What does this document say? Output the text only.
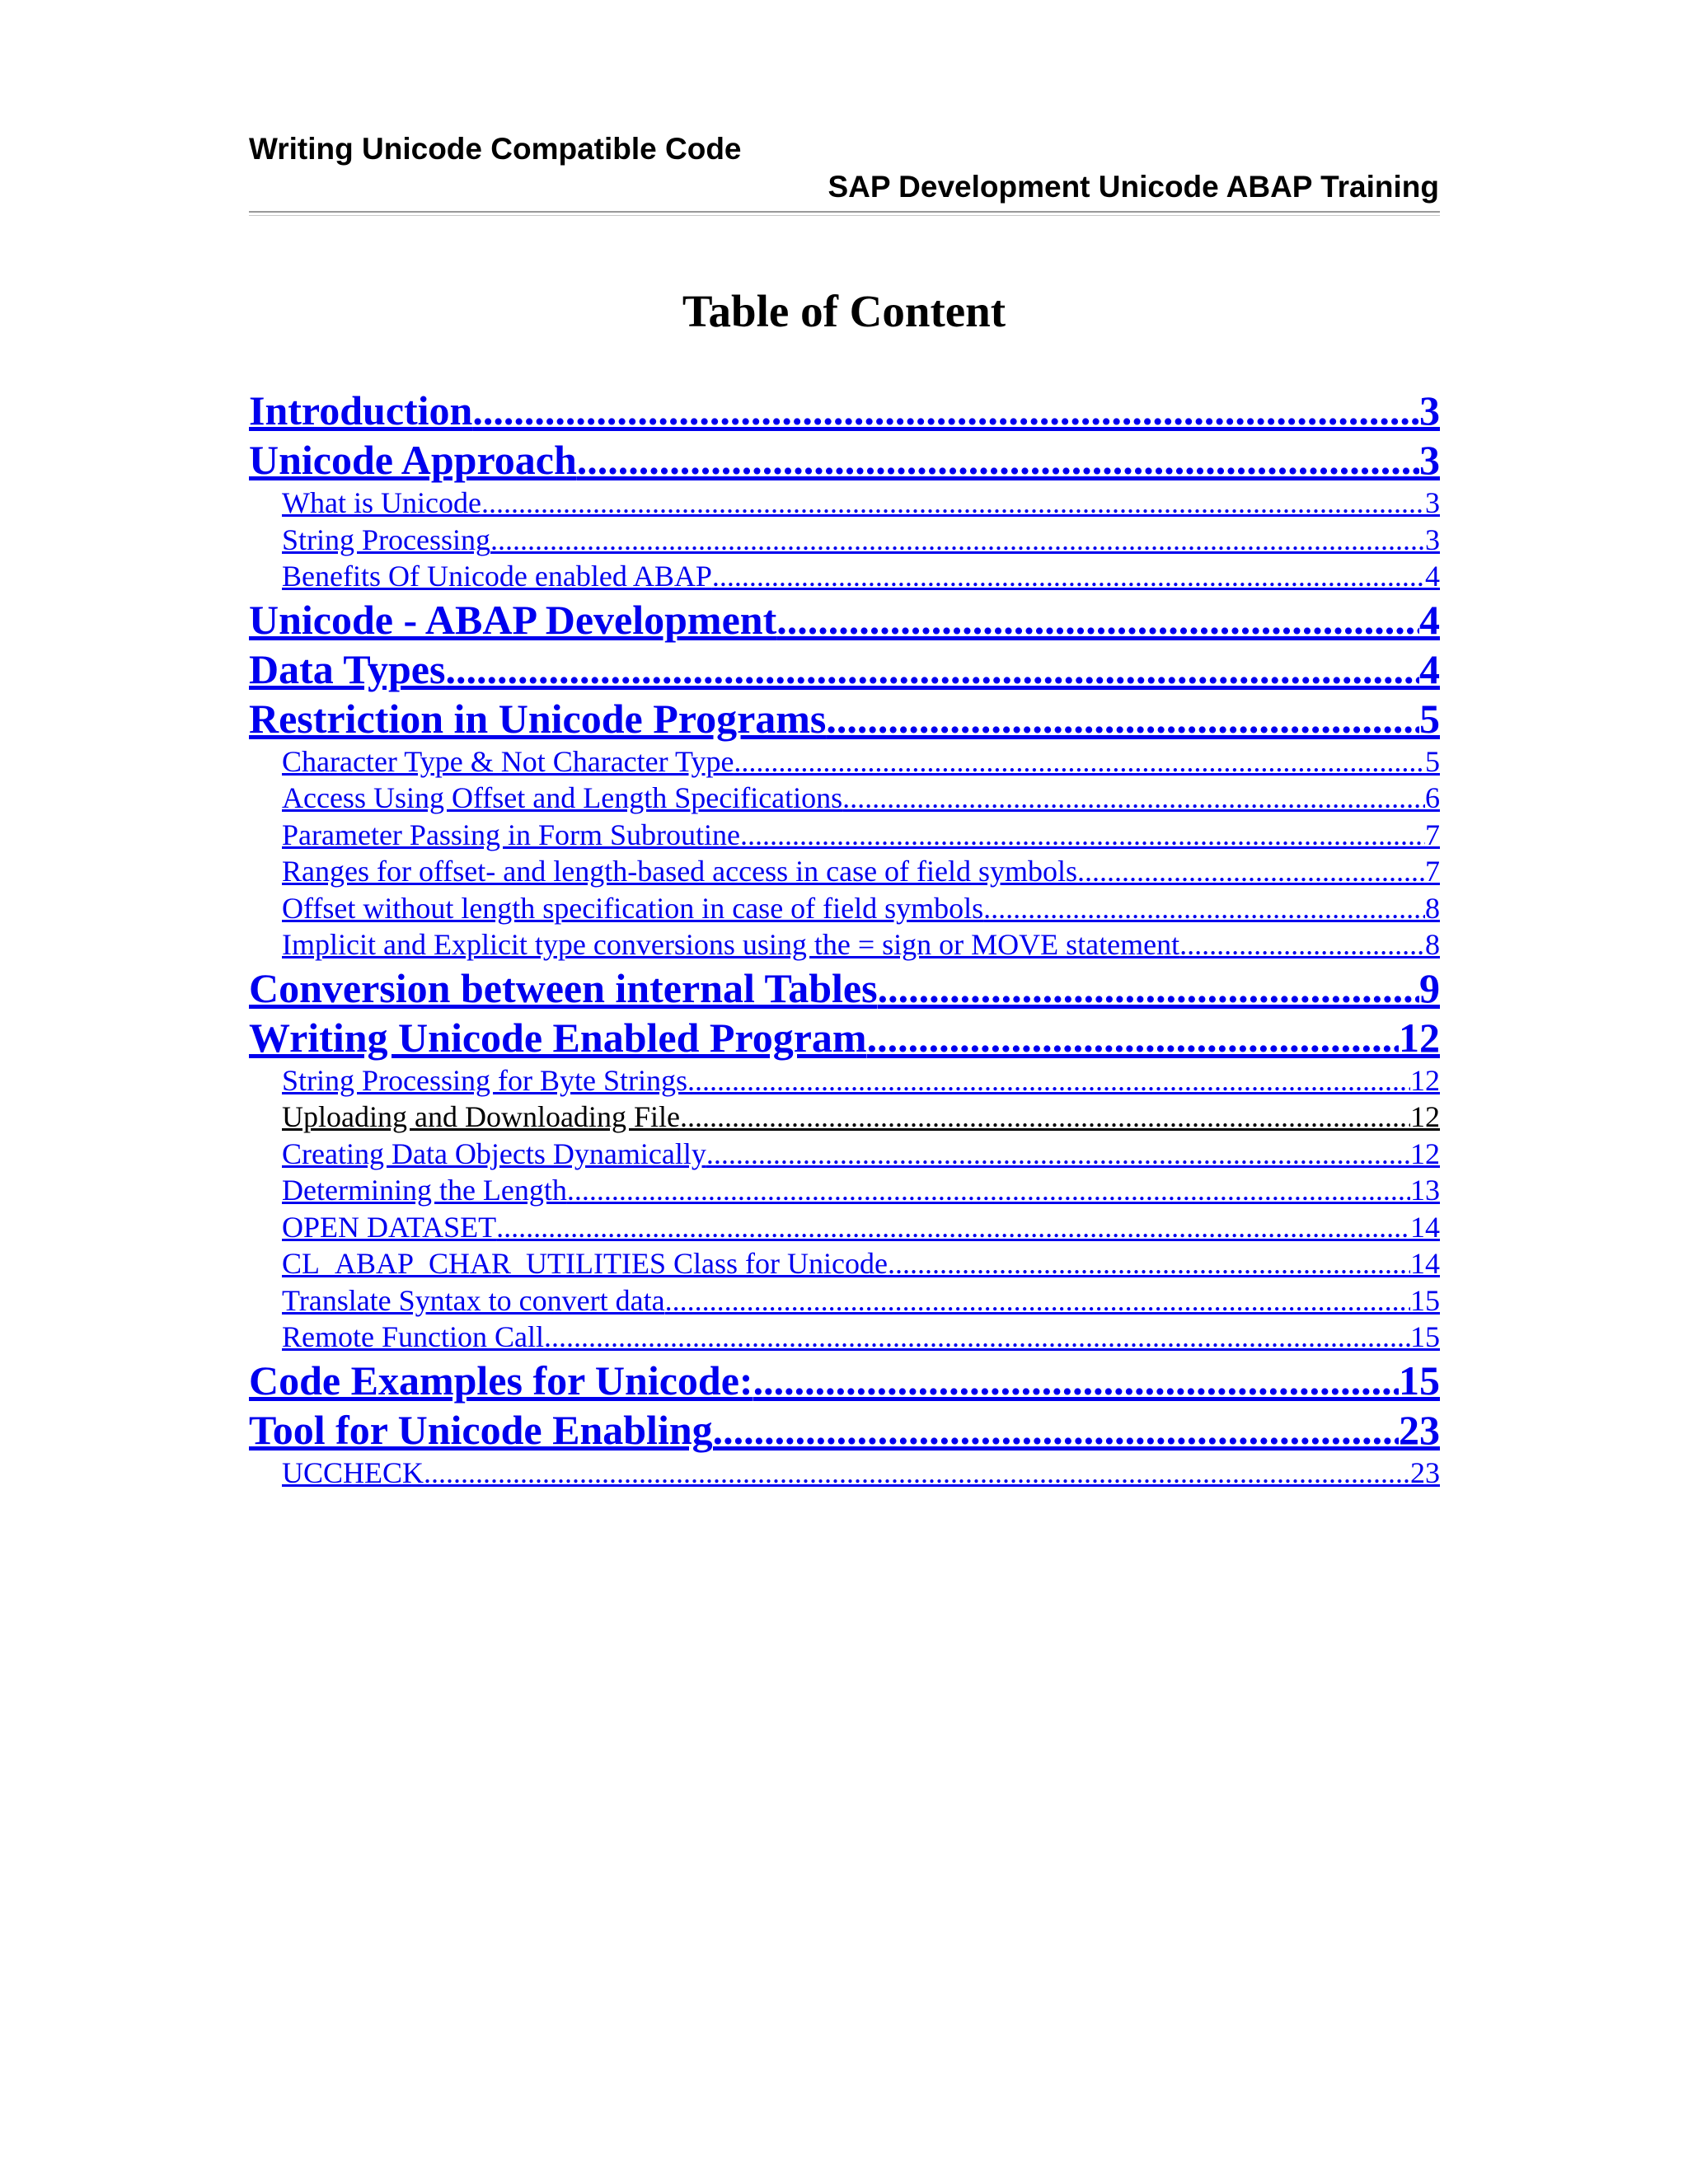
Writing Unicode Compatible Code
SAP Development Unicode ABAP Training
Table of Content
Introduction .....	3
Unicode Approach .....	3
What is Unicode .....	3
String Processing .....	3
Benefits Of Unicode enabled ABAP .....	4
Unicode - ABAP Development .....	4
Data Types .....	4
Restriction in Unicode Programs .....	5
Character Type & Not Character Type .....	5
Access Using Offset and Length Specifications .....	6
Parameter Passing in Form Subroutine .....	7
Ranges for offset- and length-based access in case of field symbols .....	7
Offset without length specification in case of field symbols .....	8
Implicit and Explicit type conversions using the = sign or MOVE statement .....	8
Conversion between internal Tables .....	9
Writing Unicode Enabled Program .....	12
String Processing for Byte Strings .....	12
Uploading and Downloading File .....	12
Creating Data Objects Dynamically .....	12
Determining the Length .....	13
OPEN DATASET .....	14
CL_ABAP_CHAR_UTILITIES Class for Unicode .....	14
Translate Syntax to convert data .....	15
Remote Function Call .....	15
Code Examples for Unicode: .....	15
Tool for Unicode Enabling .....	23
UCCHECK .....	23
